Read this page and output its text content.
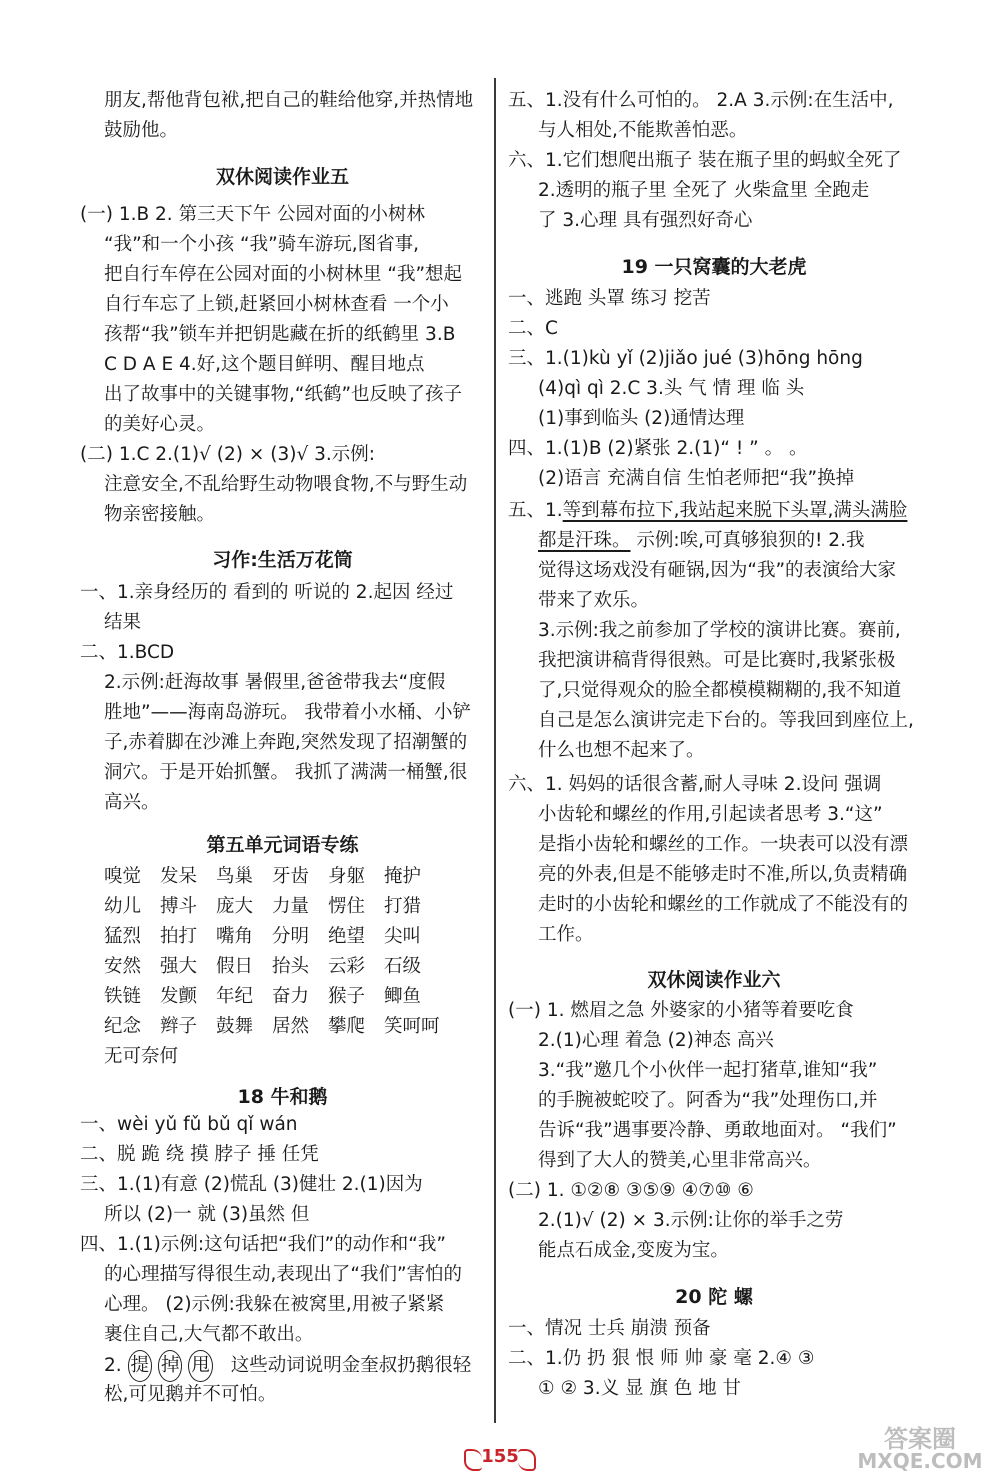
朋友,帮他背包袱,把自己的鞋给他穿,并热情地
鼓励他。
双休阅读作业五
(一) 1.B 2. 第三天下午 公园对面的小树林
“我”和一个小孩 “我”骑车游玩,图省事,
把自行车停在公园对面的小树林里 “我”想起
自行车忘了上锁,赶紧回小树林查看 一个小
孩帮“我”锁车并把钥匙藏在折的纸鹤里 3.B
C D A E 4.好,这个题目鲜明、醒目地点
出了故事中的关键事物,“纸鹤”也反映了孩子
的美好心灵。
(二) 1.C 2.(1)√ (2) × (3)√ 3.示例:
注意安全,不乱给野生动物喂食物,不与野生动
物亲密接触。
习作:生活万花筒
一、1.亲身经历的 看到的 听说的 2.起因 经过
结果
二、1.BCD
2.示例:赶海故事 暑假里,爸爸带我去“度假
胜地”——海南岛游玩。 我带着小水桶、小铲
子,赤着脚在沙滩上奔跑,突然发现了招潮蟹的
洞穴。于是开始抓蟹。 我抓了满满一桶蟹,很
高兴。
第五单元词语专练
嗅觉 发呆 鸟巢 牙齿 身躯 掩护
幼儿 搏斗 庞大 力量 愣住 打猎
猛烈 拍打 嘴角 分明 绝望 尖叫
安然 强大 假日 抬头 云彩 石级
铁链 发颤 年纪 奋力 猴子 鲫鱼
纪念 辫子 鼓舞 居然 攀爬 笑呵呵
无可奈何
18 牛和鹅
一、wèi yǔ fǔ bǔ qǐ wán
二、脱 跪 绕 摸 脖子 捶 任凭
三、1.(1)有意 (2)慌乱 (3)健壮 2.(1)因为
所以 (2)一 就 (3)虽然 但
四、1.(1)示例:这句话把“我们”的动作和“我”
的心理描写得很生动,表现出了“我们”害怕的
心理。 (2)示例:我躲在被窝里,用被子紧紧
裹住自己,大气都不敢出。
2. 提 掉 甩 这些动词说明金奎叔扔鹅很轻
松,可见鹅并不可怕。
五、1.没有什么可怕的。 2.A 3.示例:在生活中,
与人相处,不能欺善怕恶。
六、1.它们想爬出瓶子 装在瓶子里的蚂蚁全死了
2.透明的瓶子里 全死了 火柴盒里 全跑走
了 3.心理 具有强烈好奇心
19 一只窝囊的大老虎
一、逃跑 头罩 练习 挖苦
二、C
三、1.(1)kù yǐ (2)jiǎo jué (3)hōng hōng
(4)qì qì 2.C 3.头 气 情 理 临 头
(1)事到临头 (2)通情达理
四、1.(1)B (2)紧张 2.(1)“ ! ” 。 。
(2)语言 充满自信 生怕老师把“我”换掉
五、1.等到幕布拉下,我站起来脱下头罩,满头满脸
都是汗珠。 示例:唉,可真够狼狈的! 2.我
觉得这场戏没有砸锅,因为“我”的表演给大家
带来了欢乐。
3.示例:我之前参加了学校的演讲比赛。赛前,
我把演讲稿背得很熟。可是比赛时,我紧张极
了,只觉得观众的脸全都模模糊糊的,我不知道
自己是怎么演讲完走下台的。等我回到座位上,
什么也想不起来了。
六、1. 妈妈的话很含蓄,耐人寻味 2.设问 强调
小齿轮和螺丝的作用,引起读者思考 3.“这”
是指小齿轮和螺丝的工作。一块表可以没有漂
亮的外表,但是不能够走时不准,所以,负责精确
走时的小齿轮和螺丝的工作就成了不能没有的
工作。
双休阅读作业六
(一) 1. 燃眉之急 外婆家的小猪等着要吃食
2.(1)心理 着急 (2)神态 高兴
3.“我”邀几个小伙伴一起打猪草,谁知“我”
的手腕被蛇咬了。阿香为“我”处理伤口,并
告诉“我”遇事要冷静、勇敢地面对。 “我们”
得到了大人的赞美,心里非常高兴。
(二) 1. ①②⑧ ③⑤⑨ ④⑦⑩ ⑥
2.(1)√ (2) × 3.示例:让你的举手之劳
能点石成金,变废为宝。
20 陀 螺
一、情况 士兵 崩溃 预备
二、1.仍 扔 狠 恨 师 帅 豪 毫 2.④ ③
① ② 3.义 显 旗 色 地 甘
155
答案圈
MXQE.COM
